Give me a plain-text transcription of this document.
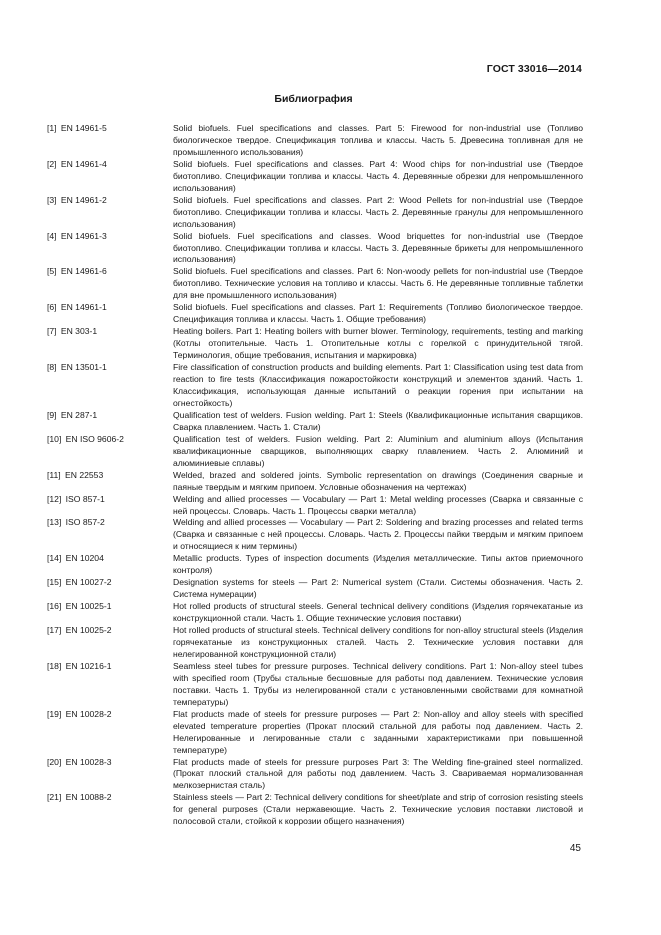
ГОСТ 33016—2014
Библиография
[1]  EN 14961-5	Solid biofuels. Fuel specifications and classes. Part 5: Firewood for non-industrial use (Топливо биологическое твердое. Спецификация топлива и классы. Часть 5. Древесина топливная для не промышленного использования)
[2]  EN 14961-4	Solid biofuels. Fuel specifications and classes. Part 4: Wood chips for non-industrial use (Твердое биотопливо. Спецификации топлива и классы. Часть 4. Деревянные обрезки для непромышленного использования)
[3]  EN 14961-2	Solid biofuels. Fuel specifications and classes. Part 2: Wood Pellets for non-industrial use (Твердое биотопливо. Спецификации топлива и классы. Часть 2. Деревянные гранулы для непромышленного использования)
[4]  EN 14961-3	Solid biofuels. Fuel specifications and classes. Wood briquettes for non-industrial use (Твердое биотопливо. Спецификации топлива и классы. Часть 3. Деревянные брикеты для непромышленного использования)
[5]  EN 14961-6	Solid biofuels. Fuel specifications and classes. Part 6: Non-woody pellets for non-industrial use (Твердое биотопливо. Технические условия на топливо и классы. Часть 6. Не деревянные топливные таблетки для вне промышленного использования)
[6]  EN 14961-1	Solid biofuels. Fuel specifications and classes. Part 1: Requirements (Топливо биологическое твердое. Спецификация топлива и классы. Часть 1. Общие требования)
[7]  EN 303-1	Heating boilers. Part 1: Heating boilers with burner blower. Terminology, requirements, testing and marking (Котлы отопительные. Часть 1. Отопительные котлы с горелкой с принудительной тягой. Терминология, общие требования, испытания и маркировка)
[8]  EN 13501-1	Fire classification of construction products and building elements. Part 1: Classification using test data from reaction to fire tests (Классификация пожаростойкости конструкций и элементов зданий. Часть 1. Классификация, использующая данные испытаний о реакции горения при испытании на огнестойкость)
[9]  EN 287-1	Qualification test of welders. Fusion welding. Part 1: Steels (Квалификационные испытания сварщиков. Сварка плавлением. Часть 1. Стали)
[10]  EN ISO 9606-2	Qualification test of welders. Fusion welding. Part 2: Aluminium and aluminium alloys (Испытания квалификационные сварщиков, выполняющих сварку плавлением. Часть 2. Алюминий и алюминиевые сплавы)
[11]  EN 22553	Welded, brazed and soldered joints. Symbolic representation on drawings (Соединения сварные и паяные твердым и мягким припоем. Условные обозначения на чертежах)
[12]  ISO 857-1	Welding and allied processes — Vocabulary — Part 1: Metal welding processes (Сварка и связанные с ней процессы. Словарь. Часть 1. Процессы сварки металла)
[13]  ISO 857-2	Welding and allied processes — Vocabulary — Part 2: Soldering and brazing processes and related terms (Сварка и связанные с ней процессы. Словарь. Часть 2. Процессы пайки твердым и мягким припоем и относящиеся к ним термины)
[14]  EN 10204	Metallic products. Types of inspection documents (Изделия металлические. Типы актов приемочного контроля)
[15]  EN 10027-2	Designation systems for steels — Part 2: Numerical system (Стали. Системы обозначения. Часть 2. Система нумерации)
[16]  EN 10025-1	Hot rolled products of structural steels. General technical delivery conditions (Изделия горячекатаные из конструкционной стали. Часть 1. Общие технические условия поставки)
[17]  EN 10025-2	Hot rolled products of structural steels. Technical delivery conditions for non-alloy structural steels (Изделия горячекатаные из конструкционных сталей. Часть 2. Технические условия поставки для нелегированной конструкционной стали)
[18]  EN 10216-1	Seamless steel tubes for pressure purposes. Technical delivery conditions. Part 1: Non-alloy steel tubes with specified room (Трубы стальные бесшовные для работы под давлением. Технические условия поставки. Часть 1. Трубы из нелегированной стали с установленными свойствами для комнатной температуры)
[19]  EN 10028-2	Flat products made of steels for pressure purposes — Part 2: Non-alloy and alloy steels with specified elevated temperature properties (Прокат плоский стальной для работы под давлением. Часть 2. Нелегированные и легированные стали с заданными характеристиками при повышенной температуре)
[20]  EN 10028-3	Flat products made of steels for pressure purposes Part 3: The Welding fine-grained steel normalized. (Прокат плоский стальной для работы под давлением. Часть 3. Свариваемая нормализованная мелкозернистая сталь)
[21]  EN 10088-2	Stainless steels — Part 2: Technical delivery conditions for sheet/plate and strip of corrosion resisting steels for general purposes (Стали нержавеющие. Часть 2. Технические условия поставки листовой и полосовой стали, стойкой к коррозии общего назначения)
45
